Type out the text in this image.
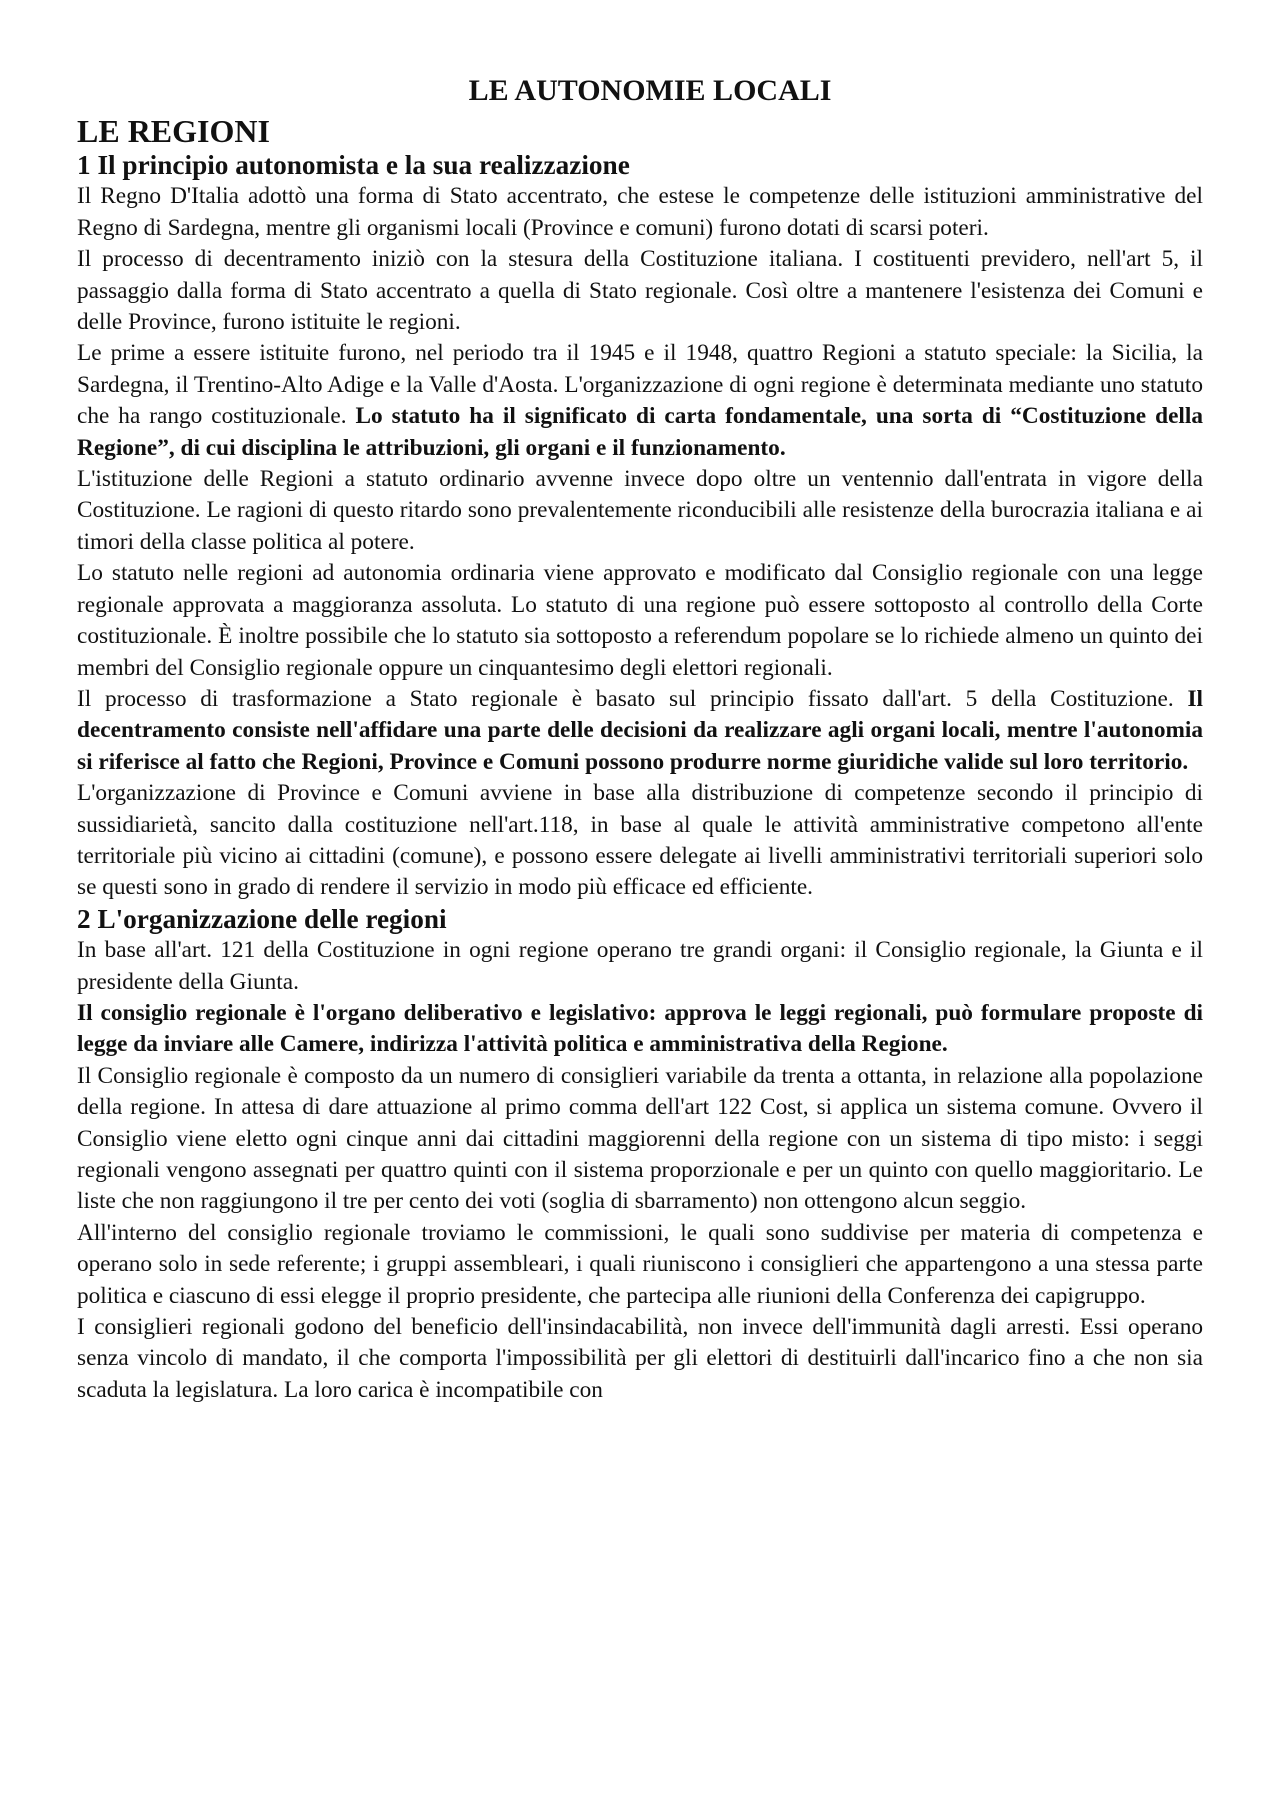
LE AUTONOMIE LOCALI
LE REGIONI
1 Il principio autonomista e la sua realizzazione

Il Regno D'Italia adottò una forma di Stato accentrato, che estese le competenze delle istituzioni amministrative del Regno di Sardegna, mentre gli organismi locali (Province e comuni) furono dotati di scarsi poteri.

Il processo di decentramento iniziò con la stesura della Costituzione italiana. I costituenti previdero, nell'art 5, il passaggio dalla forma di Stato accentrato a quella di Stato regionale. Così oltre a mantenere l'esistenza dei Comuni e delle Province, furono istituite le regioni.

Le prime a essere istituite furono, nel periodo tra il 1945 e il 1948, quattro Regioni a statuto speciale: la Sicilia, la Sardegna, il Trentino-Alto Adige e la Valle d'Aosta. L'organizzazione di ogni regione è determinata mediante uno statuto che ha rango costituzionale. Lo statuto ha il significato di carta fondamentale, una sorta di “Costituzione della Regione”, di cui disciplina le attribuzioni, gli organi e il funzionamento.

L'istituzione delle Regioni a statuto ordinario avvenne invece dopo oltre un ventennio dall'entrata in vigore della Costituzione. Le ragioni di questo ritardo sono prevalentemente riconducibili alle resistenze della burocrazia italiana e ai timori della classe politica al potere.

Lo statuto nelle regioni ad autonomia ordinaria viene approvato e modificato dal Consiglio regionale con una legge regionale approvata a maggioranza assoluta. Lo statuto di una regione può essere sottoposto al controllo della Corte costituzionale. È inoltre possibile che lo statuto sia sottoposto a referendum popolare se lo richiede almeno un quinto dei membri del Consiglio regionale oppure un cinquantesimo degli elettori regionali.

Il processo di trasformazione a Stato regionale è basato sul principio fissato dall'art. 5 della Costituzione. Il decentramento consiste nell'affidare una parte delle decisioni da realizzare agli organi locali, mentre l'autonomia si riferisce al fatto che Regioni, Province e Comuni possono produrre norme giuridiche valide sul loro territorio.

L'organizzazione di Province e Comuni avviene in base alla distribuzione di competenze secondo il principio di sussidiarietà, sancito dalla costituzione nell'art.118, in base al quale le attività amministrative competono all'ente territoriale più vicino ai cittadini (comune), e possono essere delegate ai livelli amministrativi territoriali superiori solo se questi sono in grado di rendere il servizio in modo più efficace ed efficiente.

2 L'organizzazione delle regioni

In base all'art. 121 della Costituzione in ogni regione operano tre grandi organi: il Consiglio regionale, la Giunta e il presidente della Giunta.

Il consiglio regionale è l'organo deliberativo e legislativo: approva le leggi regionali, può formulare proposte di legge da inviare alle Camere, indirizza l'attività politica e amministrativa della Regione.

Il Consiglio regionale è composto da un numero di consiglieri variabile da trenta a ottanta, in relazione alla popolazione della regione. In attesa di dare attuazione al primo comma dell'art 122 Cost, si applica un sistema comune. Ovvero il Consiglio viene eletto ogni cinque anni dai cittadini maggiorenni della regione con un sistema di tipo misto: i seggi regionali vengono assegnati per quattro quinti con il sistema proporzionale e per un quinto con quello maggioritario. Le liste che non raggiungono il tre per cento dei voti (soglia di sbarramento) non ottengono alcun seggio.

All'interno del consiglio regionale troviamo le commissioni, le quali sono suddivise per materia di competenza e operano solo in sede referente; i gruppi assembleari, i quali riuniscono i consiglieri che appartengono a una stessa parte politica e ciascuno di essi elegge il proprio presidente, che partecipa alle riunioni della Conferenza dei capigruppo.

I consiglieri regionali godono del beneficio dell'insindacabilità, non invece dell'immunità dagli arresti. Essi operano senza vincolo di mandato, il che comporta l'impossibilità per gli elettori di destituirli dall'incarico fino a che non sia scaduta la legislatura. La loro carica è incompatibile con
